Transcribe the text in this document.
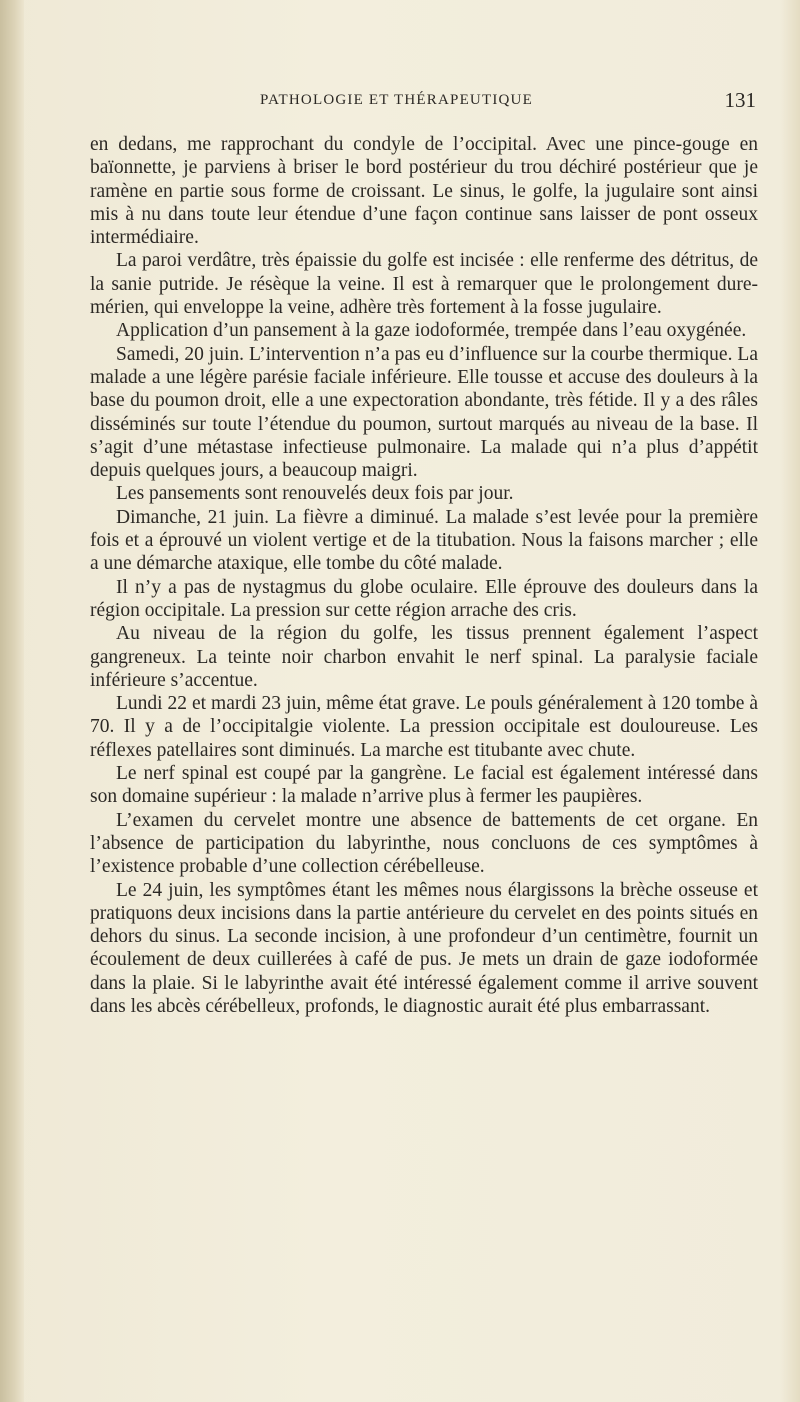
PATHOLOGIE ET THÉRAPEUTIQUE	131

en dedans, me rapprochant du condyle de l’occipital. Avec une pince-gouge en baïonnette, je parviens à briser le bord postérieur du trou déchiré postérieur que je ramène en partie sous forme de croissant. Le sinus, le golfe, la jugulaire sont ainsi mis à nu dans toute leur étendue d’une façon continue sans laisser de pont osseux intermédiaire.

La paroi verdâtre, très épaissie du golfe est incisée : elle renferme des détritus, de la sanie putride. Je résèque la veine. Il est à remarquer que le prolongement dure-mérien, qui enveloppe la veine, adhère très fortement à la fosse jugulaire.

Application d’un pansement à la gaze iodoformée, trempée dans l’eau oxygénée.

Samedi, 20 juin. L’intervention n’a pas eu d’influence sur la courbe thermique. La malade a une légère parésie faciale inférieure. Elle tousse et accuse des douleurs à la base du poumon droit, elle a une expectoration abondante, très fétide. Il y a des râles disséminés sur toute l’étendue du poumon, surtout marqués au niveau de la base. Il s’agit d’une métastase infectieuse pulmonaire. La malade qui n’a plus d’appétit depuis quelques jours, a beaucoup maigri.

Les pansements sont renouvelés deux fois par jour.

Dimanche, 21 juin. La fièvre a diminué. La malade s’est levée pour la première fois et a éprouvé un violent vertige et de la titubation. Nous la faisons marcher ; elle a une démarche ataxique, elle tombe du côté malade.

Il n’y a pas de nystagmus du globe oculaire. Elle éprouve des douleurs dans la région occipitale. La pression sur cette région arrache des cris.

Au niveau de la région du golfe, les tissus prennent également l’aspect gangreneux. La teinte noir charbon envahit le nerf spinal. La paralysie faciale inférieure s’accentue.

Lundi 22 et mardi 23 juin, même état grave. Le pouls généralement à 120 tombe à 70. Il y a de l’occipitalgie violente. La pression occipitale est douloureuse. Les réflexes patellaires sont diminués. La marche est titubante avec chute.

Le nerf spinal est coupé par la gangrène. Le facial est également intéressé dans son domaine supérieur : la malade n’arrive plus à fermer les paupières.

L’examen du cervelet montre une absence de battements de cet organe. En l’absence de participation du labyrinthe, nous concluons de ces symptômes à l’existence probable d’une collection cérébelleuse.

Le 24 juin, les symptômes étant les mêmes nous élargissons la brèche osseuse et pratiquons deux incisions dans la partie antérieure du cervelet en des points situés en dehors du sinus. La seconde incision, à une profondeur d’un centimètre, fournit un écoulement de deux cuillerées à café de pus. Je mets un drain de gaze iodoformée dans la plaie. Si le labyrinthe avait été intéressé également comme il arrive souvent dans les abcès cérébelleux, profonds, le diagnostic aurait été plus embarrassant.
